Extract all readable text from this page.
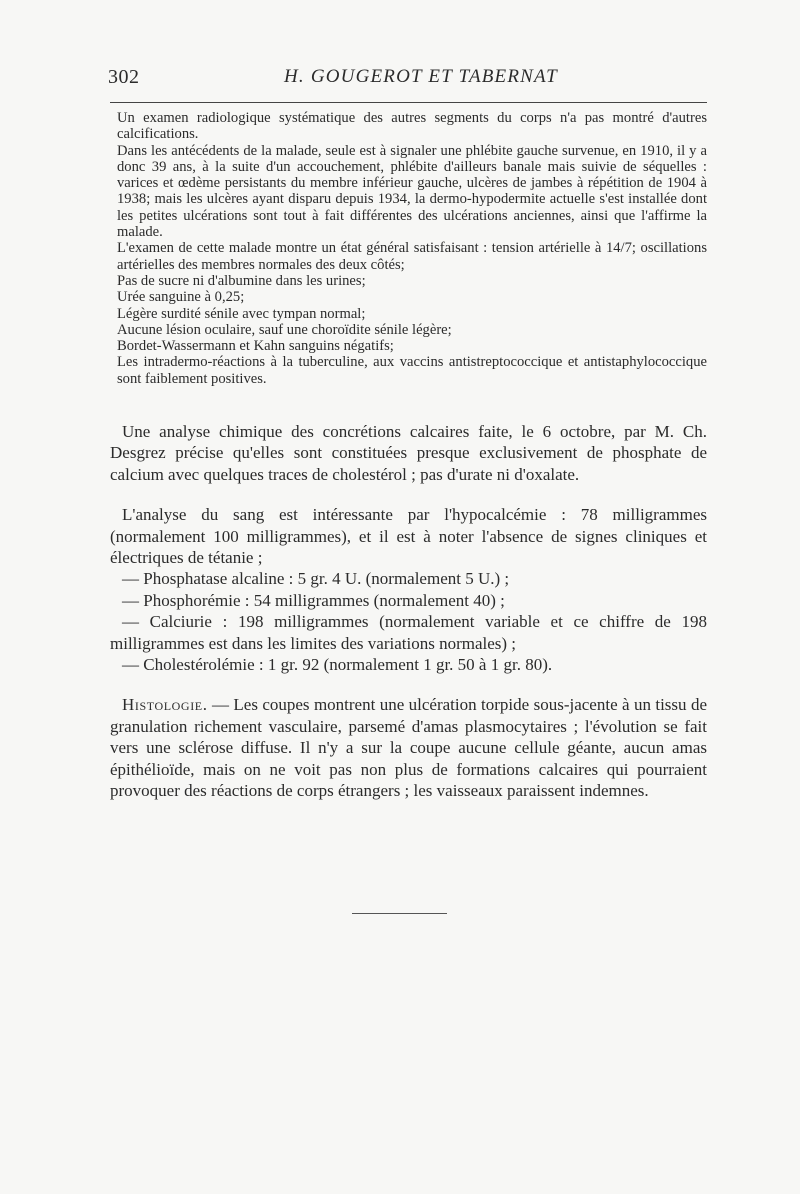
302	H. GOUGEROT ET TABERNAT

Un examen radiologique systématique des autres segments du corps n'a pas montré d'autres calcifications.

Dans les antécédents de la malade, seule est à signaler une phlébite gauche survenue, en 1910, il y a donc 39 ans, à la suite d'un accouchement, phlébite d'ailleurs banale mais suivie de séquelles : varices et œdème persistants du membre inférieur gauche, ulcères de jambes à répétition de 1904 à 1938; mais les ulcères ayant disparu depuis 1934, la dermo-hypodermite actuelle s'est installée dont les petites ulcérations sont tout à fait différentes des ulcérations anciennes, ainsi que l'affirme la malade.

L'examen de cette malade montre un état général satisfaisant : tension artérielle à 14/7; oscillations artérielles des membres normales des deux côtés;

Pas de sucre ni d'albumine dans les urines;

Urée sanguine à 0,25;

Légère surdité sénile avec tympan normal;

Aucune lésion oculaire, sauf une choroïdite sénile légère;

Bordet-Wassermann et Kahn sanguins négatifs;

Les intradermo-réactions à la tuberculine, aux vaccins antistreptococcique et antistaphylococcique sont faiblement positives.

Une analyse chimique des concrétions calcaires faite, le 6 octobre, par M. Ch. Desgrez précise qu'elles sont constituées presque exclusivement de phosphate de calcium avec quelques traces de cholestérol ; pas d'urate ni d'oxalate.

L'analyse du sang est intéressante par l'hypocalcémie : 78 milligrammes (normalement 100 milligrammes), et il est à noter l'absence de signes cliniques et électriques de tétanie ;

— Phosphatase alcaline : 5 gr. 4 U. (normalement 5 U.) ;

— Phosphorémie : 54 milligrammes (normalement 40) ;

— Calciurie : 198 milligrammes (normalement variable et ce chiffre de 198 milligrammes est dans les limites des variations normales) ;

— Cholestérolémie : 1 gr. 92 (normalement 1 gr. 50 à 1 gr. 80).

Histologie. — Les coupes montrent une ulcération torpide sous-jacente à un tissu de granulation richement vasculaire, parsemé d'amas plasmocytaires ; l'évolution se fait vers une sclérose diffuse. Il n'y a sur la coupe aucune cellule géante, aucun amas épithélioïde, mais on ne voit pas non plus de formations calcaires qui pourraient provoquer des réactions de corps étrangers ; les vaisseaux paraissent indemnes.
